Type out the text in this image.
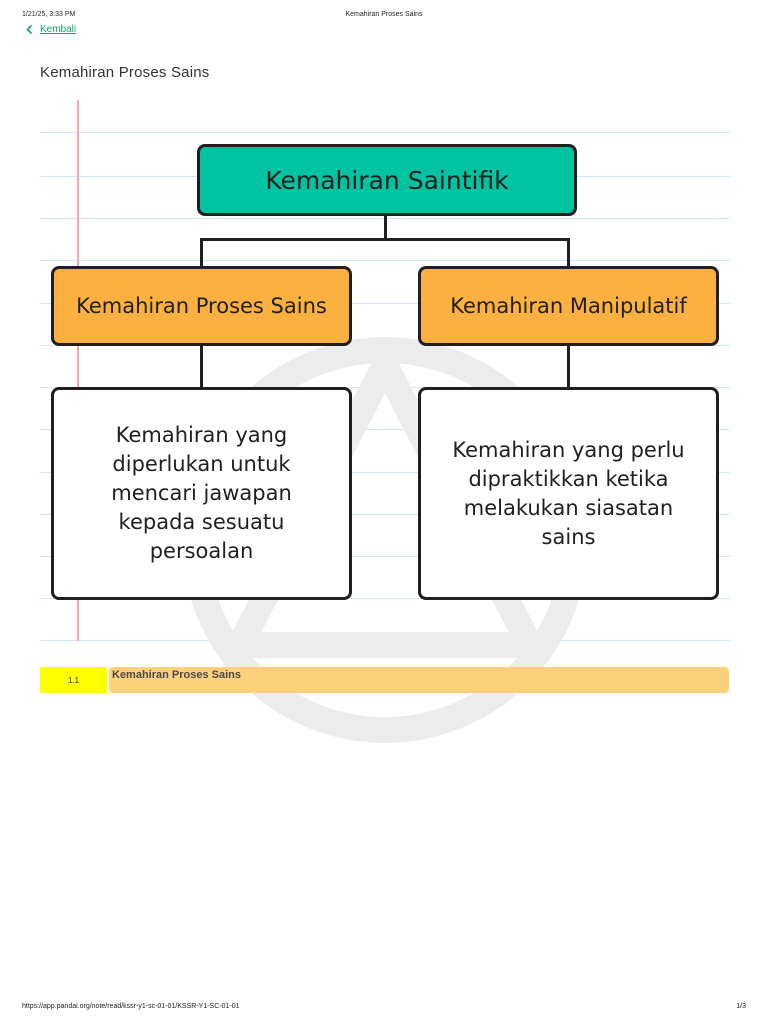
1/21/25, 3:33 PM	Kemahiran Proses Sains
Kembali
Kemahiran Proses Sains
Kemahiran Saintifik
Kemahiran Proses Sains	Kemahiran Manipulatif
Kemahiran yang diperlukan untuk mencari jawapan kepada sesuatu persoalan
Kemahiran yang perlu dipraktikkan ketika melakukan siasatan sains
1.1	Kemahiran Proses Sains
https://app.pandai.org/note/read/kssr-y1-sc-01-01/KSSR-Y1-SC-01-01	1/3
